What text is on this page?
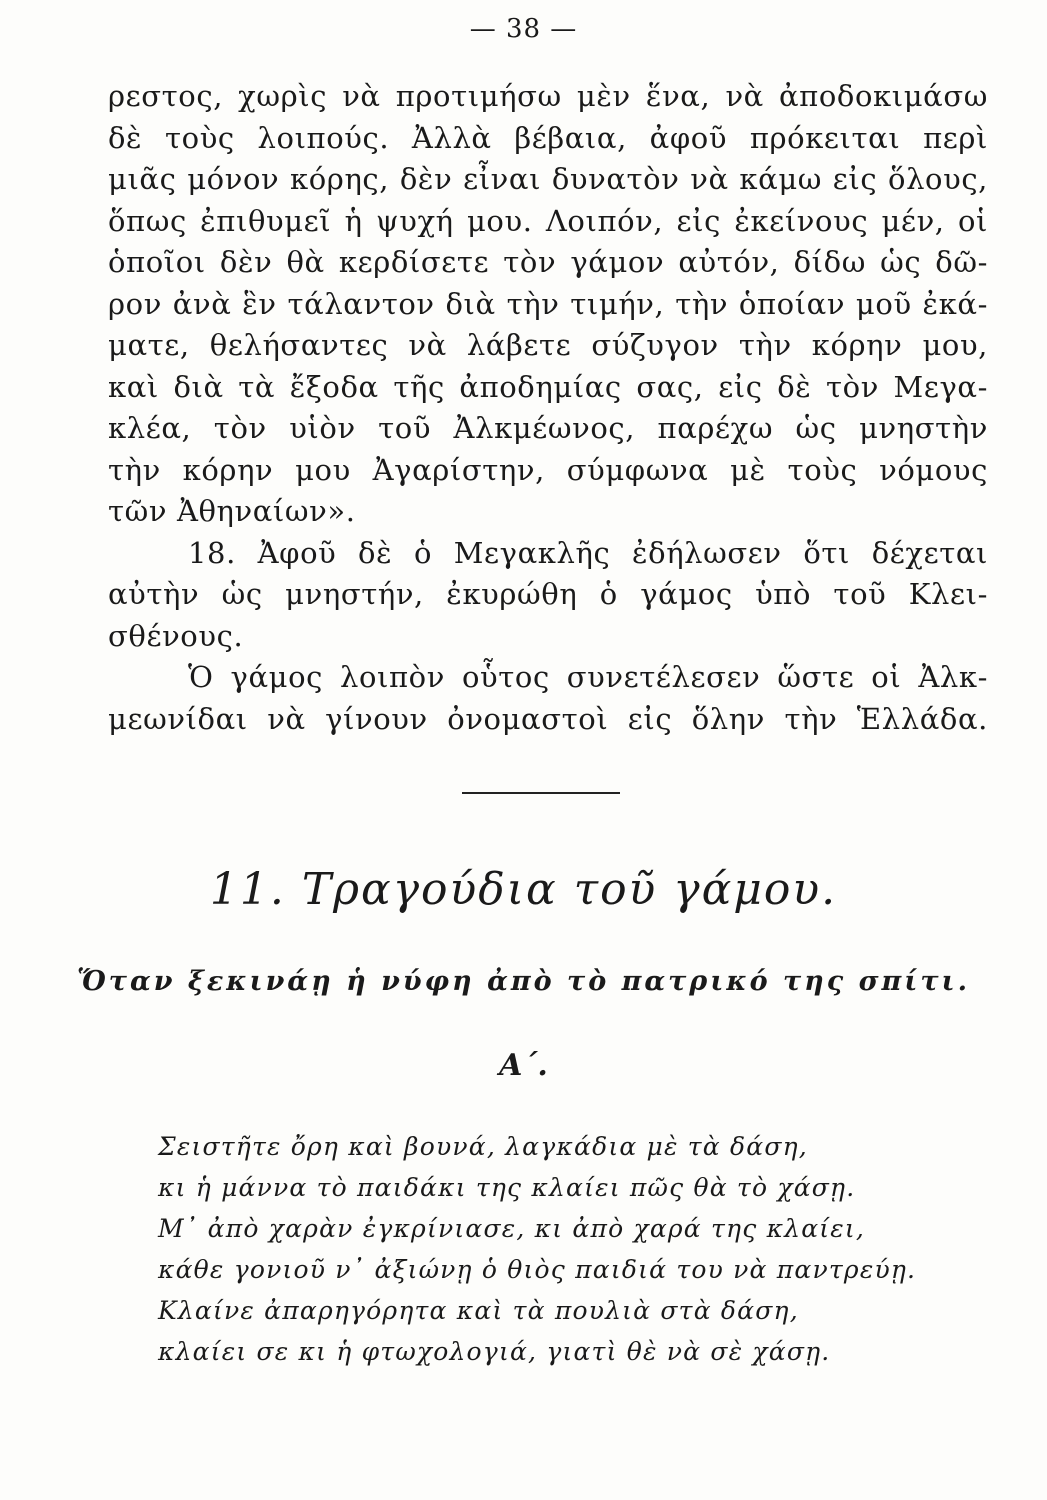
— 38 —
ρεστος, χωρὶς νὰ προτιμήσω μὲν ἕνα, νὰ ἀποδοκιμάσω
δὲ τοὺς λοιπούς. Ἀλλὰ βέβαια, ἀφοῦ πρόκειται περὶ
μιᾶς μόνον κόρης, δὲν εἶναι δυνατὸν νὰ κάμω εἰς ὅλους,
ὅπως ἐπιθυμεῖ ἡ ψυχή μου. Λοιπόν, εἰς ἐκείνους μέν, οἱ
ὁποῖοι δὲν θὰ κερδίσετε τὸν γάμον αὐτόν, δίδω ὡς δῶ-
ρον ἀνὰ ἓν τάλαντον διὰ τὴν τιμήν, τὴν ὁποίαν μοῦ ἐκά-
ματε, θελήσαντες νὰ λάβετε σύζυγον τὴν κόρην μου,
καὶ διὰ τὰ ἔξοδα τῆς ἀποδημίας σας, εἰς δὲ τὸν Μεγα-
κλέα, τὸν υἱὸν τοῦ Ἀλκμέωνος, παρέχω ὡς μνηστὴν
τὴν κόρην μου Ἀγαρίστην, σύμφωνα μὲ τοὺς νόμους
τῶν Ἀθηναίων».
18. Ἀφοῦ δὲ ὁ Μεγακλῆς ἐδήλωσεν ὅτι δέχεται
αὐτὴν ὡς μνηστήν, ἐκυρώθη ὁ γάμος ὑπὸ τοῦ Κλει-
σθένους.
Ὁ γάμος λοιπὸν οὗτος συνετέλεσεν ὥστε οἱ Ἀλκ-
μεωνίδαι νὰ γίνουν ὀνομαστοὶ εἰς ὅλην τὴν Ἑλλάδα.
11. Τραγούδια τοῦ γάμου.
Ὅταν ξεκινάῃ ἡ νύφη ἀπὸ τὸ πατρικό της σπίτι.
Α΄.
Σειστῆτε ὄρη καὶ βουνά, λαγκάδια μὲ τὰ δάση,
κι ἡ μάννα τὸ παιδάκι της κλαίει πῶς θὰ τὸ χάσῃ.
Μ᾿ ἀπὸ χαρὰν ἐγκρίνιασε, κι ἀπὸ χαρά της κλαίει,
κάθε γονιοῦ ν᾿ ἀξιώνῃ ὁ θιὸς παιδιά του νὰ παντρεύῃ.
Κλαίνε ἀπαρηγόρητα καὶ τὰ πουλιὰ στὰ δάση,
κλαίει σε κι ἡ φτωχολογιά, γιατὶ θὲ νὰ σὲ χάσῃ.
